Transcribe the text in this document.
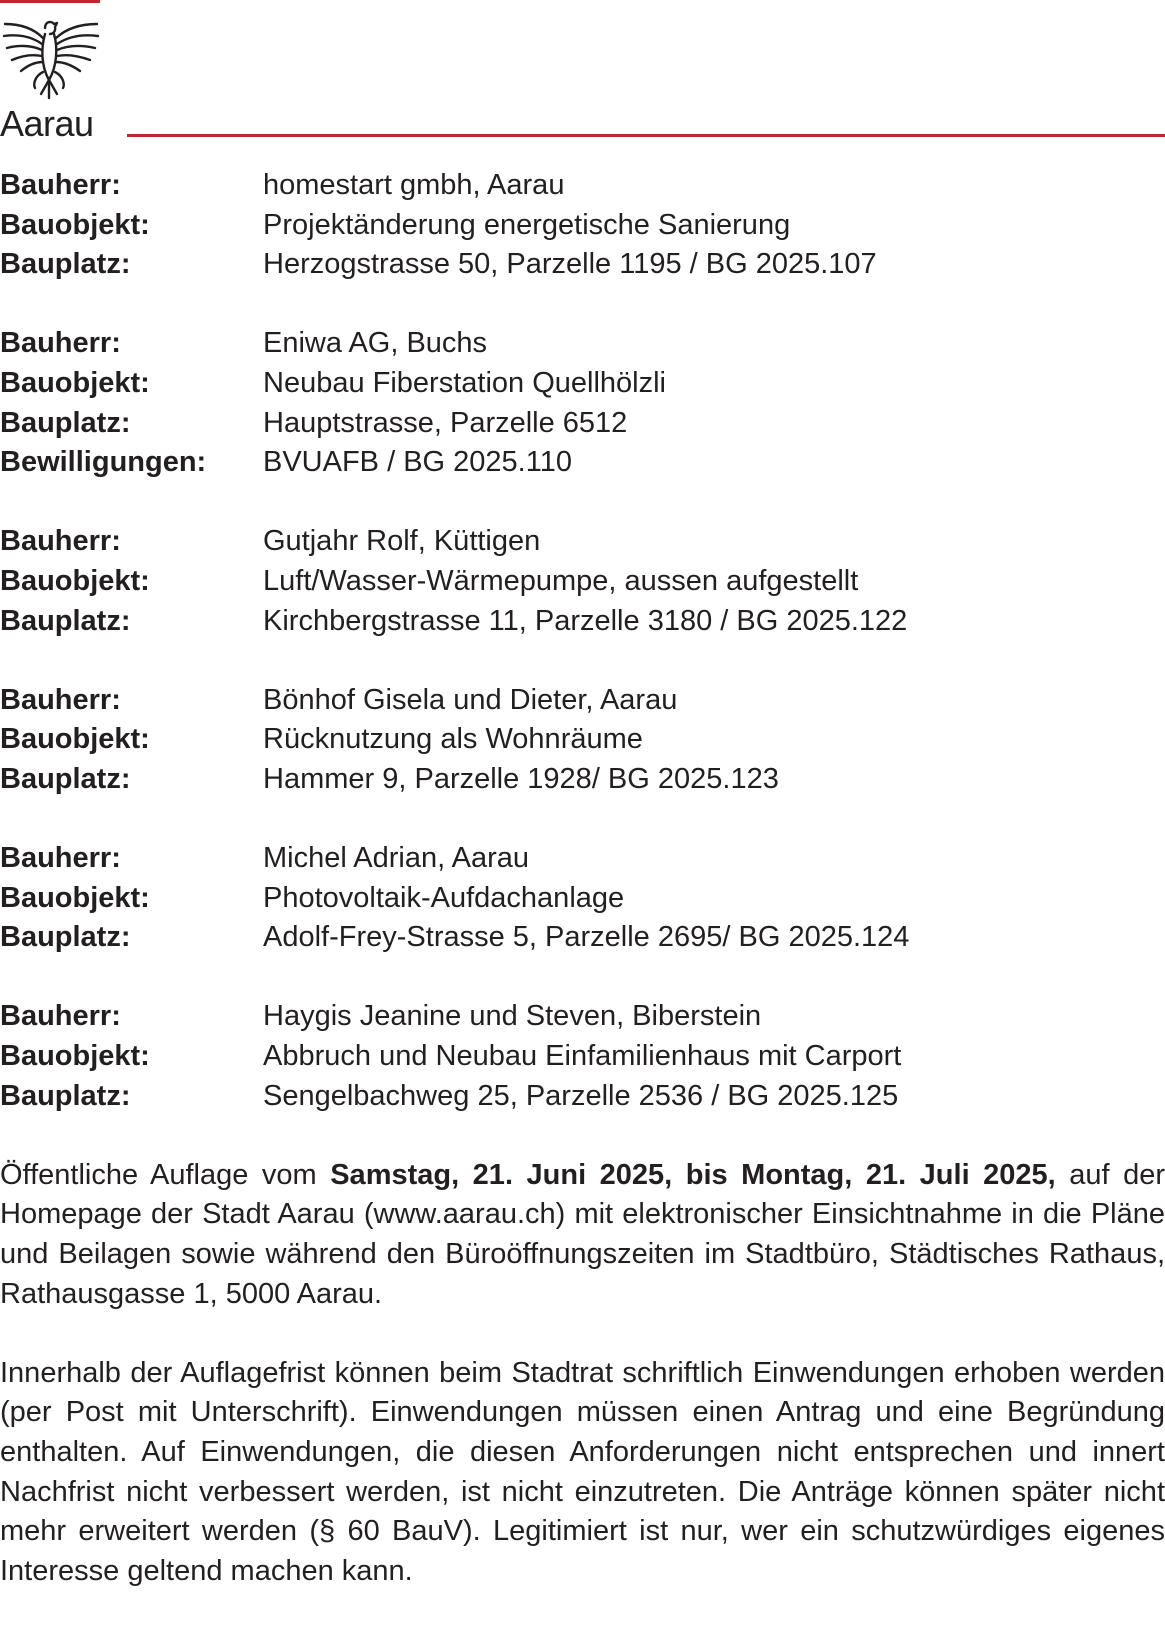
Aarau
Bauherr:	homestart gmbh, Aarau
Bauobjekt:	Projektänderung energetische Sanierung
Bauplatz:	Herzogstrasse 50, Parzelle 1195 / BG 2025.107
Bauherr:	Eniwa AG, Buchs
Bauobjekt:	Neubau Fiberstation Quellhölzli
Bauplatz:	Hauptstrasse, Parzelle 6512
Bewilligungen:	BVUAFB / BG 2025.110
Bauherr:	Gutjahr Rolf, Küttigen
Bauobjekt:	Luft/Wasser-Wärmepumpe, aussen aufgestellt
Bauplatz:	Kirchbergstrasse 11, Parzelle 3180 / BG 2025.122
Bauherr:	Bönhof Gisela und Dieter, Aarau
Bauobjekt:	Rücknutzung als Wohnräume
Bauplatz:	Hammer 9, Parzelle 1928/ BG 2025.123
Bauherr:	Michel Adrian, Aarau
Bauobjekt:	Photovoltaik-Aufdachanlage
Bauplatz:	Adolf-Frey-Strasse 5, Parzelle 2695/ BG 2025.124
Bauherr:	Haygis Jeanine und Steven, Biberstein
Bauobjekt:	Abbruch und Neubau Einfamilienhaus mit Carport
Bauplatz:	Sengelbachweg 25, Parzelle 2536 / BG 2025.125

Öffentliche Auflage vom Samstag, 21. Juni 2025, bis Montag, 21. Juli 2025, auf der Homepage der Stadt Aarau (www.aarau.ch) mit elektronischer Einsichtnahme in die Pläne und Beilagen sowie während den Büroöffnungszeiten im Stadtbüro, Städtisches Rathaus, Rathausgasse 1, 5000 Aarau.

Innerhalb der Auflagefrist können beim Stadtrat schriftlich Einwendungen erhoben werden (per Post mit Unterschrift). Einwendungen müssen einen Antrag und eine Begründung enthalten. Auf Einwendungen, die diesen Anforderungen nicht entsprechen und innert Nachfrist nicht verbessert werden, ist nicht einzutreten. Die Anträge können später nicht mehr erweitert werden (§ 60 BauV). Legitimiert ist nur, wer ein schutzwürdiges eigenes Interesse geltend machen kann.
